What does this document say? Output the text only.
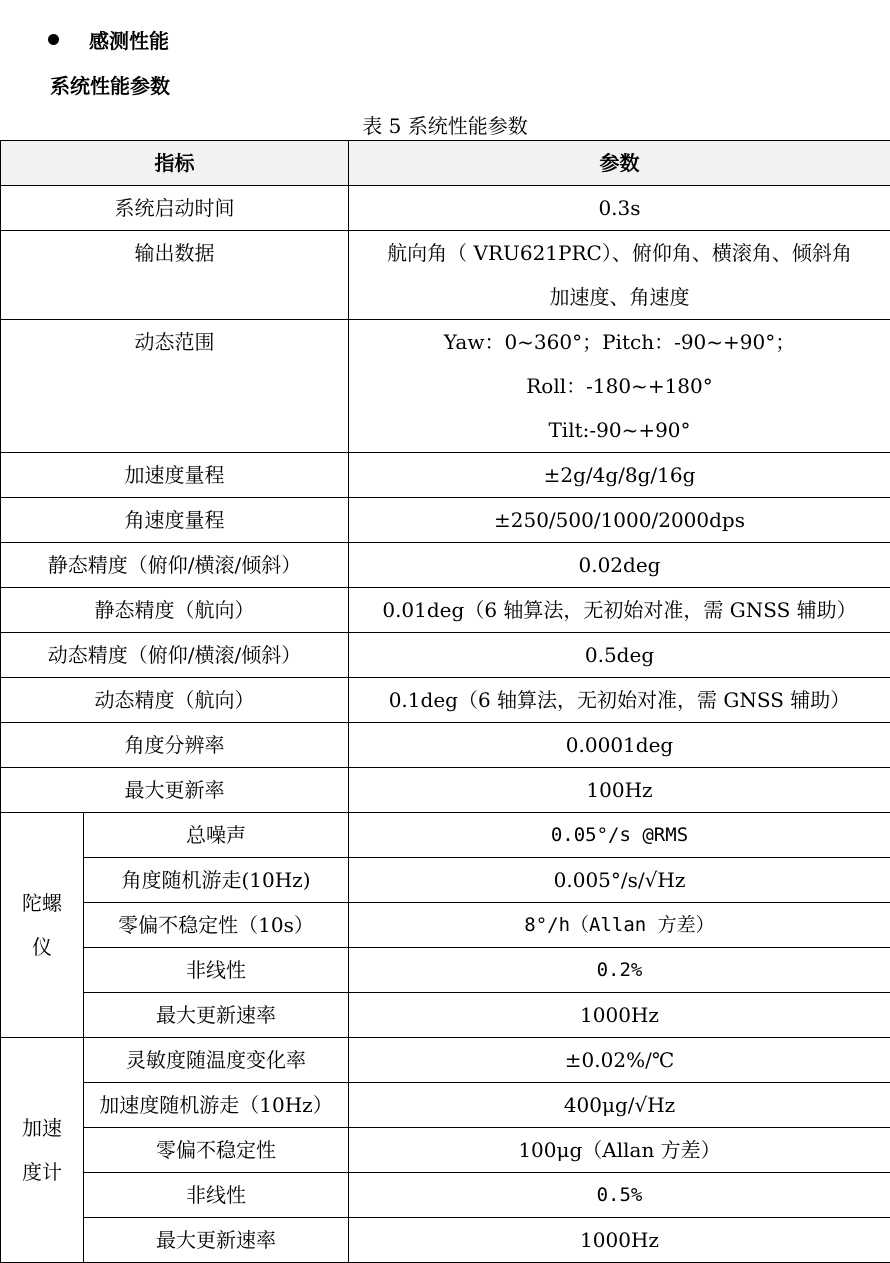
感测性能
系统性能参数
表 5 系统性能参数
指标		参数
系统启动时间		0.3s
输出数据		航向角（ VRU621PRC）、俯仰角、横滚角、倾斜角
加速度、角速度

动态范围		Yaw：0~360°；Pitch：-90~+90°；Roll：-180~+180°
Tilt:-90~+90°

加速度量程		±2g/4g/8g/16g
角速度量程		±250/500/1000/2000dps
静态精度（俯仰/横滚/倾斜）		0.02deg
静态精度（航向）		0.01deg（6 轴算法，无初始对准，需 GNSS 辅助）
动态精度（俯仰/横滚/倾斜）		0.5deg
动态精度（航向）		0.1deg（6 轴算法，无初始对准，需 GNSS 辅助）
角度分辨率		0.0001deg
最大更新率		100Hz

陀螺
仪	总噪声	0.05°/s @RMS
	角度随机游走(10Hz)	0.005°/s/√Hz
	零偏不稳定性（10s）	8°/h（Allan 方差）
	非线性	0.2%
	最大更新速率	1000Hz

加速
度计	灵敏度随温度变化率	±0.02%/℃
	加速度随机游走（10Hz）	400μg/√Hz
	零偏不稳定性	100μg（Allan 方差）
	非线性	0.5%
	最大更新速率	1000Hz
